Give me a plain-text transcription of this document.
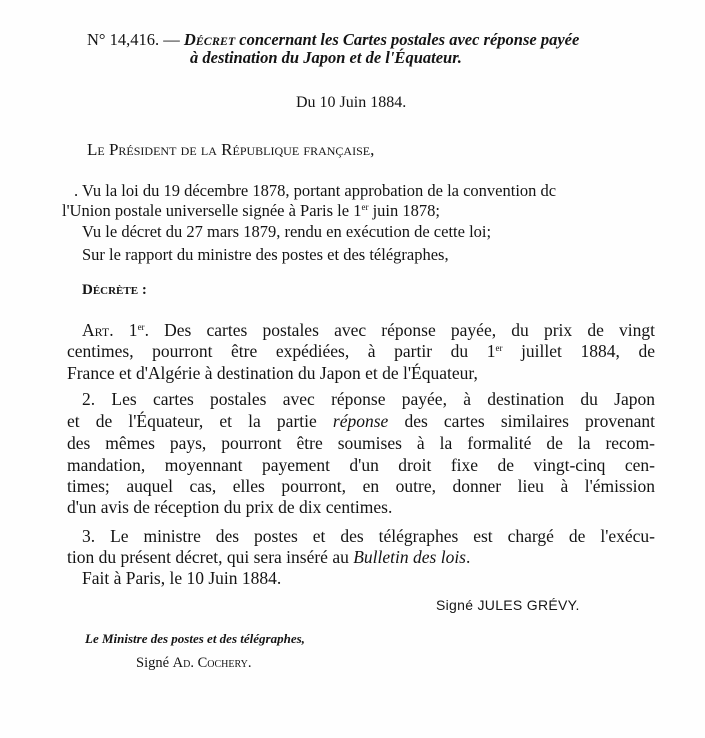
N° 14,416. — Décret concernant les Cartes postales avec réponse payée
à destination du Japon et de l'Équateur.
Du 10 Juin 1884.
Le Président de la République française,
. Vu la loi du 19 décembre 1878, portant approbation de la convention dc
l'Union postale universelle signée à Paris le 1er juin 1878;
Vu le décret du 27 mars 1879, rendu en exécution de cette loi;
Sur le rapport du ministre des postes et des télégraphes,
Décrète :
Art. 1er. Des cartes postales avec réponse payée, du prix de vingt
centimes, pourront être expédiées, à partir du 1er juillet 1884, de
France et d'Algérie à destination du Japon et de l'Équateur,
2. Les cartes postales avec réponse payée, à destination du Japon
et de l'Équateur, et la partie réponse des cartes similaires provenant
des mêmes pays, pourront être soumises à la formalité de la recom-
mandation, moyennant payement d'un droit fixe de vingt-cinq cen-
times; auquel cas, elles pourront, en outre, donner lieu à l'émission
d'un avis de réception du prix de dix centimes.
3. Le ministre des postes et des télégraphes est chargé de l'exécu-
tion du présent décret, qui sera inséré au Bulletin des lois.
Fait à Paris, le 10 Juin 1884.
Signé JULES GRÉVY.
Le Ministre des postes et des télégraphes,
Signé Ad. Cochery.
